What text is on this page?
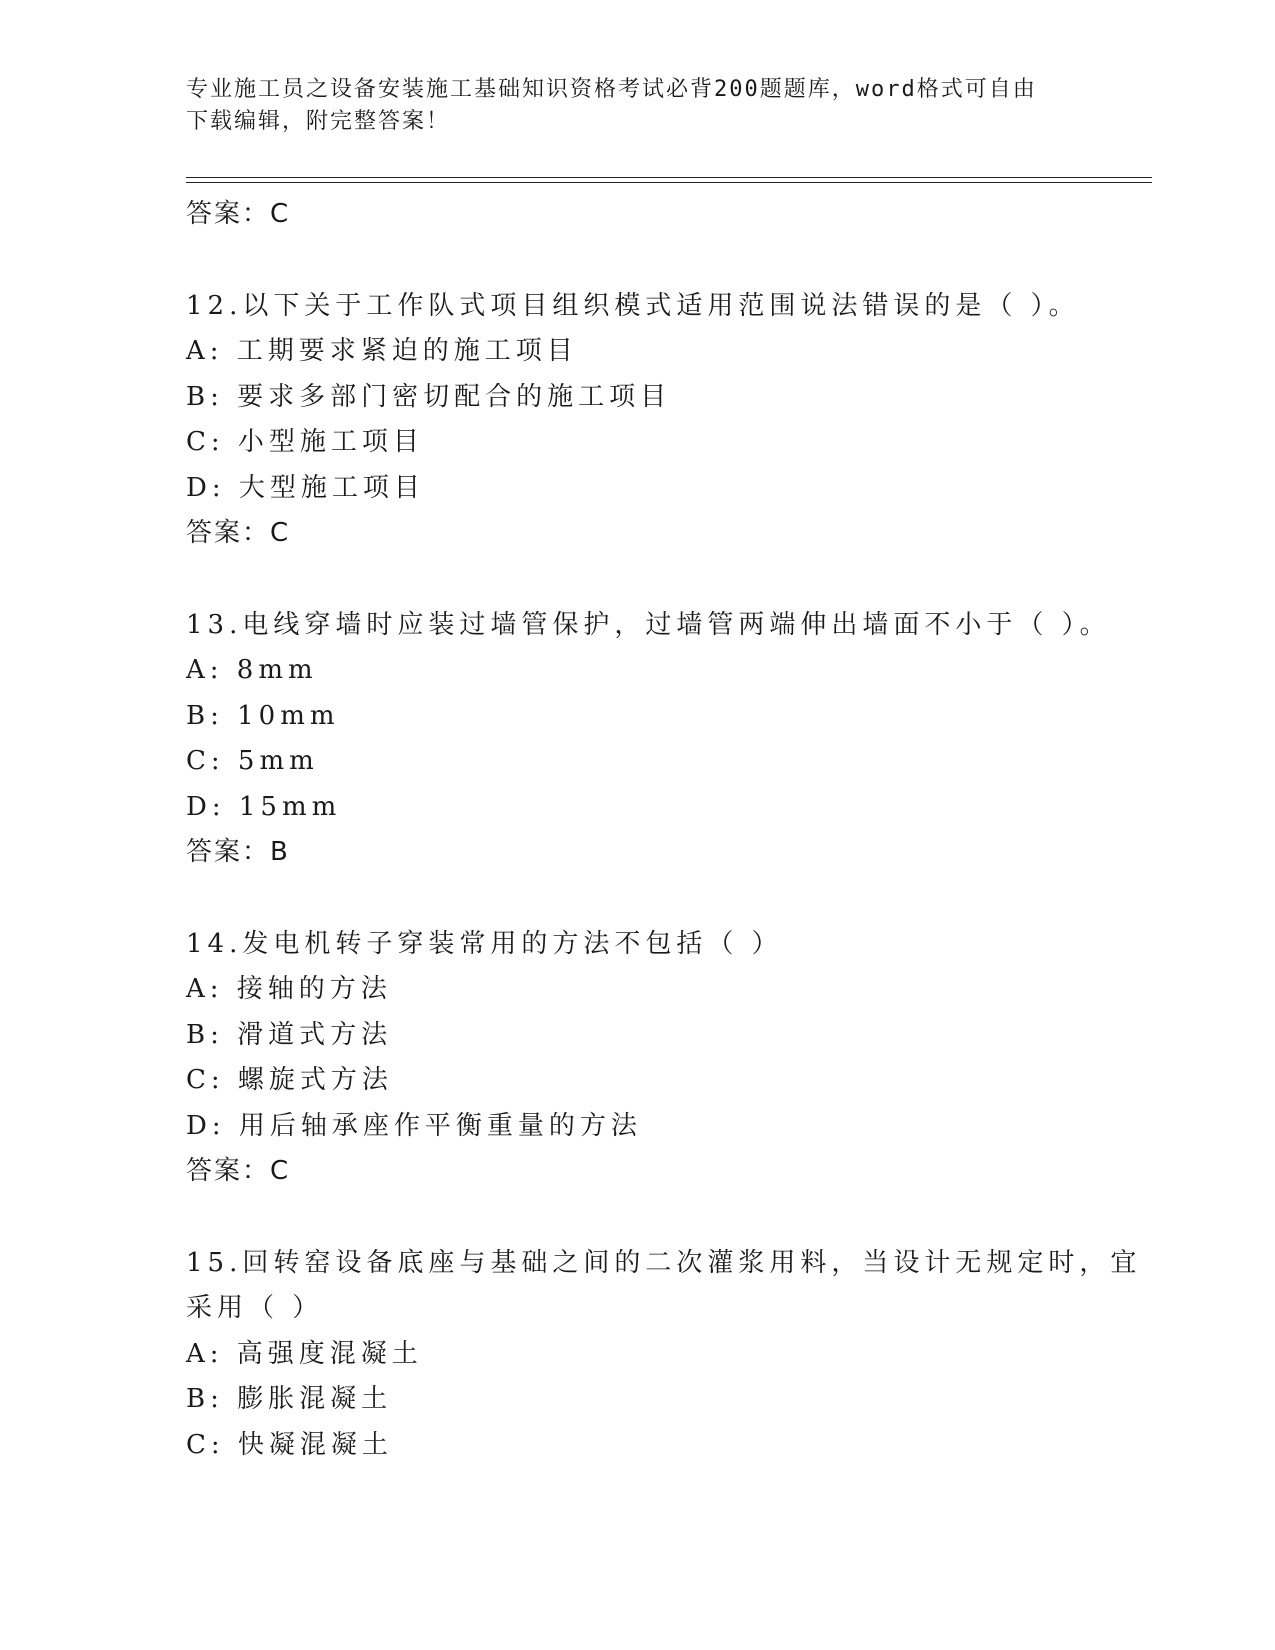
专业施工员之设备安装施工基础知识资格考试必背200题题库，word格式可自由
下载编辑，附完整答案！
答案：C
12.以下关于工作队式项目组织模式适用范围说法错误的是（ ）。
A: 工期要求紧迫的施工项目
B: 要求多部门密切配合的施工项目
C: 小型施工项目
D: 大型施工项目
答案：C
13.电线穿墙时应装过墙管保护，过墙管两端伸出墙面不小于（ ）。
A: 8mm
B: 10mm
C: 5mm
D: 15mm
答案：B
14.发电机转子穿装常用的方法不包括（ ）
A: 接轴的方法
B: 滑道式方法
C: 螺旋式方法
D: 用后轴承座作平衡重量的方法
答案：C
15.回转窑设备底座与基础之间的二次灌浆用料，当设计无规定时，宜
采用（ ）
A: 高强度混凝土
B: 膨胀混凝土
C: 快凝混凝土
